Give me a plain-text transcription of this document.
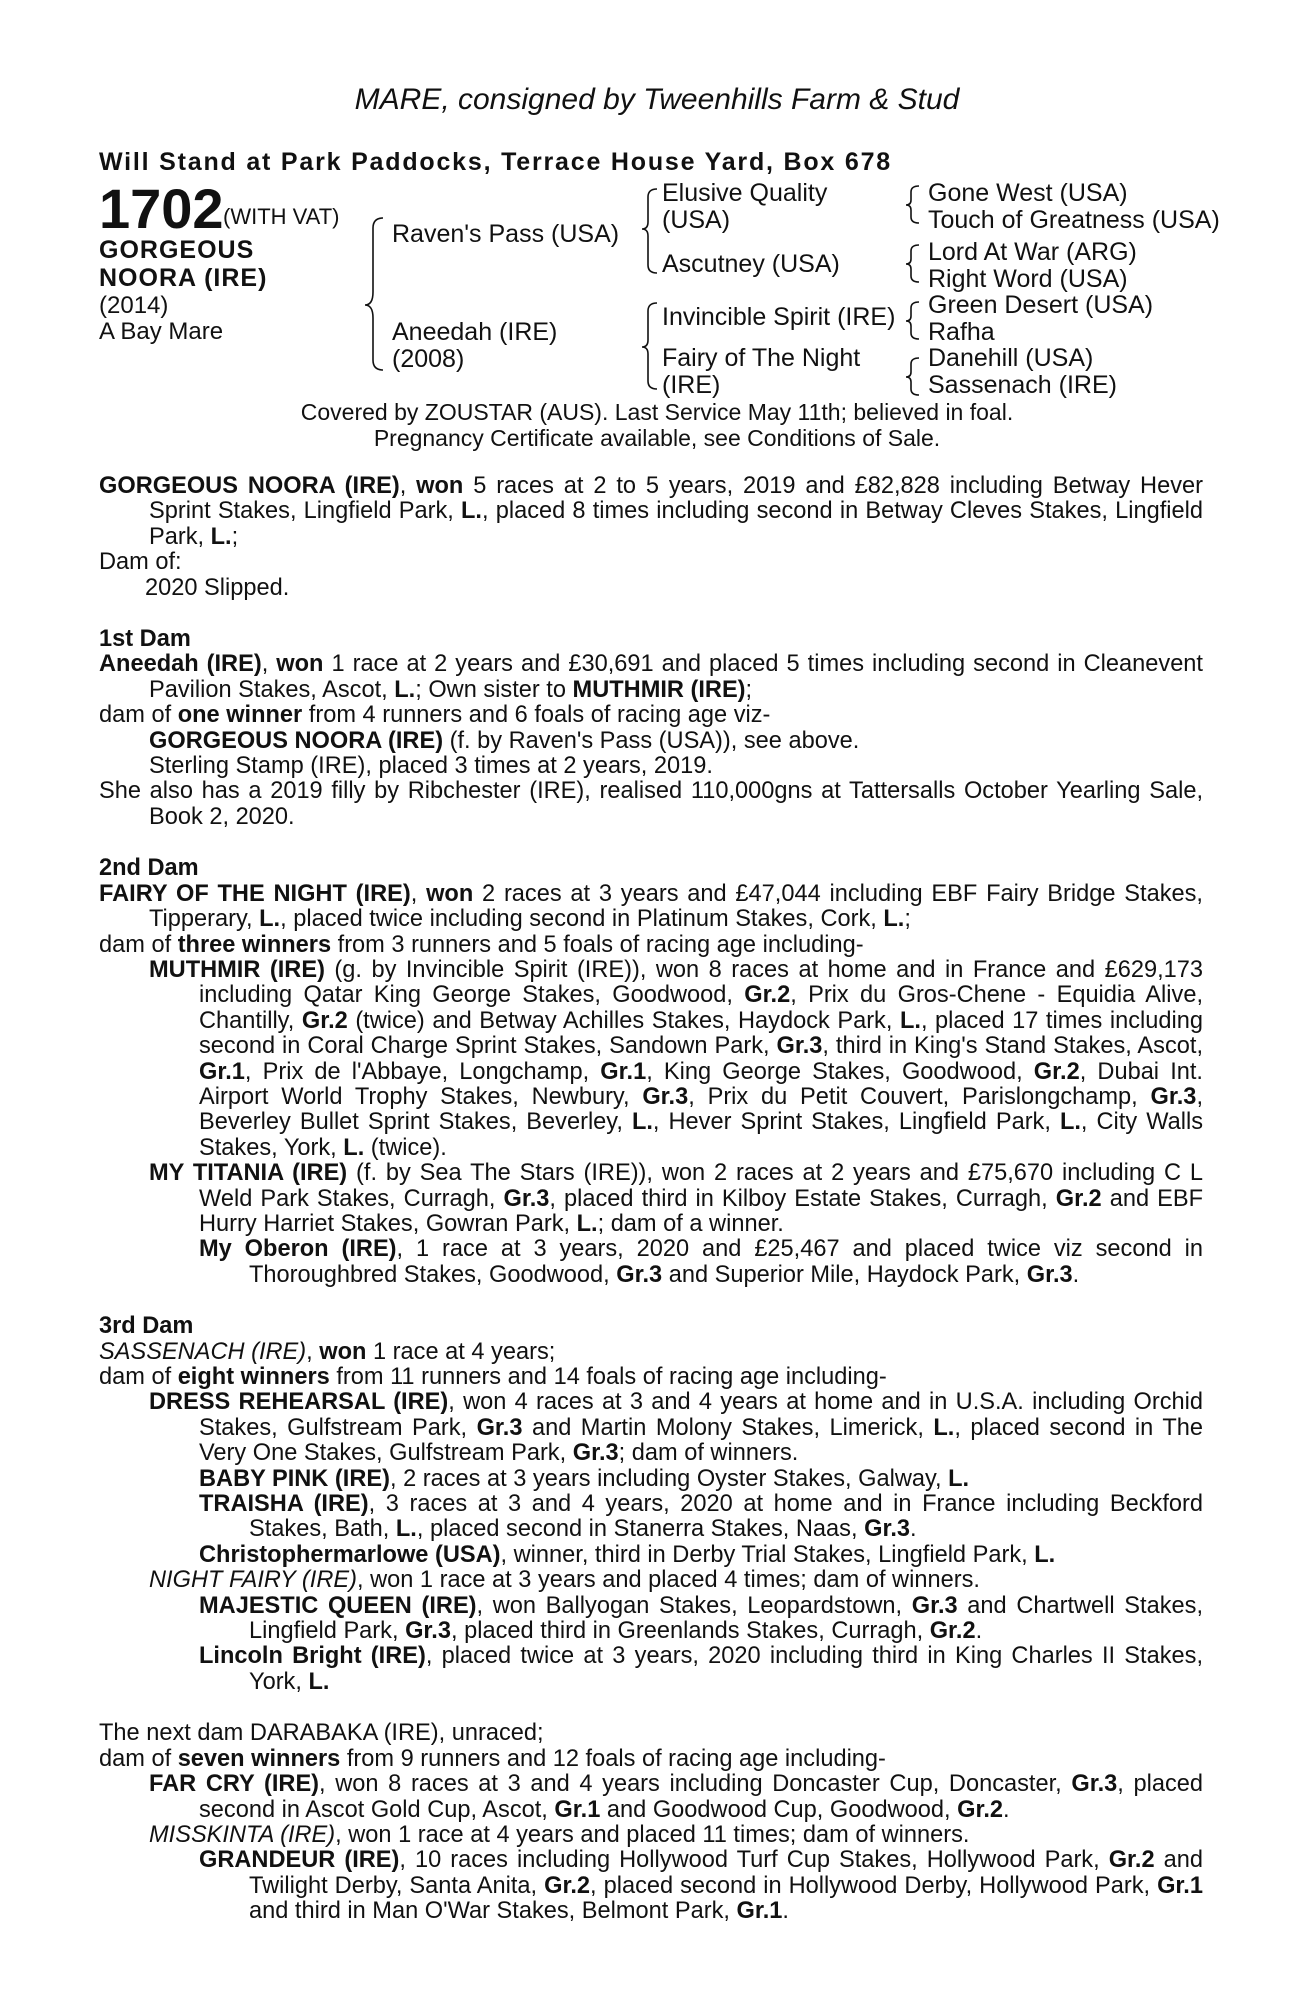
MARE, consigned by Tweenhills Farm & Stud
Will Stand at Park Paddocks, Terrace House Yard, Box 678
1702 (WITH VAT)
GORGEOUS
NOORA (IRE)
(2014)
A Bay Mare
Raven's Pass (USA)
Aneedah (IRE)
(2008)
Elusive Quality
(USA)
Ascutney (USA)
Invincible Spirit (IRE)
Fairy of The Night
(IRE)
Gone West (USA)
Touch of Greatness (USA)
Lord At War (ARG)
Right Word (USA)
Green Desert (USA)
Rafha
Danehill (USA)
Sassenach (IRE)
Covered by ZOUSTAR (AUS). Last Service May 11th; believed in foal.
Pregnancy Certificate available, see Conditions of Sale.

GORGEOUS NOORA (IRE), won 5 races at 2 to 5 years, 2019 and £82,828 including Betway Hever Sprint Stakes, Lingfield Park, L., placed 8 times including second in Betway Cleves Stakes, Lingfield Park, L.;

Dam of:

2020 Slipped.

1st Dam

Aneedah (IRE), won 1 race at 2 years and £30,691 and placed 5 times including second in Cleanevent Pavilion Stakes, Ascot, L.; Own sister to MUTHMIR (IRE);

dam of one winner from 4 runners and 6 foals of racing age viz-

GORGEOUS NOORA (IRE) (f. by Raven's Pass (USA)), see above.

Sterling Stamp (IRE), placed 3 times at 2 years, 2019.

She also has a 2019 filly by Ribchester (IRE), realised 110,000gns at Tattersalls October Yearling Sale, Book 2, 2020.

2nd Dam

FAIRY OF THE NIGHT (IRE), won 2 races at 3 years and £47,044 including EBF Fairy Bridge Stakes, Tipperary, L., placed twice including second in Platinum Stakes, Cork, L.;

dam of three winners from 3 runners and 5 foals of racing age including-

MUTHMIR (IRE) (g. by Invincible Spirit (IRE)), won 8 races at home and in France and £629,173 including Qatar King George Stakes, Goodwood, Gr.2, Prix du Gros-Chene - Equidia Alive, Chantilly, Gr.2 (twice) and Betway Achilles Stakes, Haydock Park, L., placed 17 times including second in Coral Charge Sprint Stakes, Sandown Park, Gr.3, third in King's Stand Stakes, Ascot, Gr.1, Prix de l'Abbaye, Longchamp, Gr.1, King George Stakes, Goodwood, Gr.2, Dubai Int. Airport World Trophy Stakes, Newbury, Gr.3, Prix du Petit Couvert, Parislongchamp, Gr.3, Beverley Bullet Sprint Stakes, Beverley, L., Hever Sprint Stakes, Lingfield Park, L., City Walls Stakes, York, L. (twice).

MY TITANIA (IRE) (f. by Sea The Stars (IRE)), won 2 races at 2 years and £75,670 including C L Weld Park Stakes, Curragh, Gr.3, placed third in Kilboy Estate Stakes, Curragh, Gr.2 and EBF Hurry Harriet Stakes, Gowran Park, L.; dam of a winner.

My Oberon (IRE), 1 race at 3 years, 2020 and £25,467 and placed twice viz second in Thoroughbred Stakes, Goodwood, Gr.3 and Superior Mile, Haydock Park, Gr.3.

3rd Dam

SASSENACH (IRE), won 1 race at 4 years;

dam of eight winners from 11 runners and 14 foals of racing age including-

DRESS REHEARSAL (IRE), won 4 races at 3 and 4 years at home and in U.S.A. including Orchid Stakes, Gulfstream Park, Gr.3 and Martin Molony Stakes, Limerick, L., placed second in The Very One Stakes, Gulfstream Park, Gr.3; dam of winners.

BABY PINK (IRE), 2 races at 3 years including Oyster Stakes, Galway, L.

TRAISHA (IRE), 3 races at 3 and 4 years, 2020 at home and in France including Beckford Stakes, Bath, L., placed second in Stanerra Stakes, Naas, Gr.3.

Christophermarlowe (USA), winner, third in Derby Trial Stakes, Lingfield Park, L.

NIGHT FAIRY (IRE), won 1 race at 3 years and placed 4 times; dam of winners.

MAJESTIC QUEEN (IRE), won Ballyogan Stakes, Leopardstown, Gr.3 and Chartwell Stakes, Lingfield Park, Gr.3, placed third in Greenlands Stakes, Curragh, Gr.2.

Lincoln Bright (IRE), placed twice at 3 years, 2020 including third in King Charles II Stakes, York, L.

The next dam DARABAKA (IRE), unraced;

dam of seven winners from 9 runners and 12 foals of racing age including-

FAR CRY (IRE), won 8 races at 3 and 4 years including Doncaster Cup, Doncaster, Gr.3, placed second in Ascot Gold Cup, Ascot, Gr.1 and Goodwood Cup, Goodwood, Gr.2.

MISSKINTA (IRE), won 1 race at 4 years and placed 11 times; dam of winners.

GRANDEUR (IRE), 10 races including Hollywood Turf Cup Stakes, Hollywood Park, Gr.2 and Twilight Derby, Santa Anita, Gr.2, placed second in Hollywood Derby, Hollywood Park, Gr.1 and third in Man O'War Stakes, Belmont Park, Gr.1.
